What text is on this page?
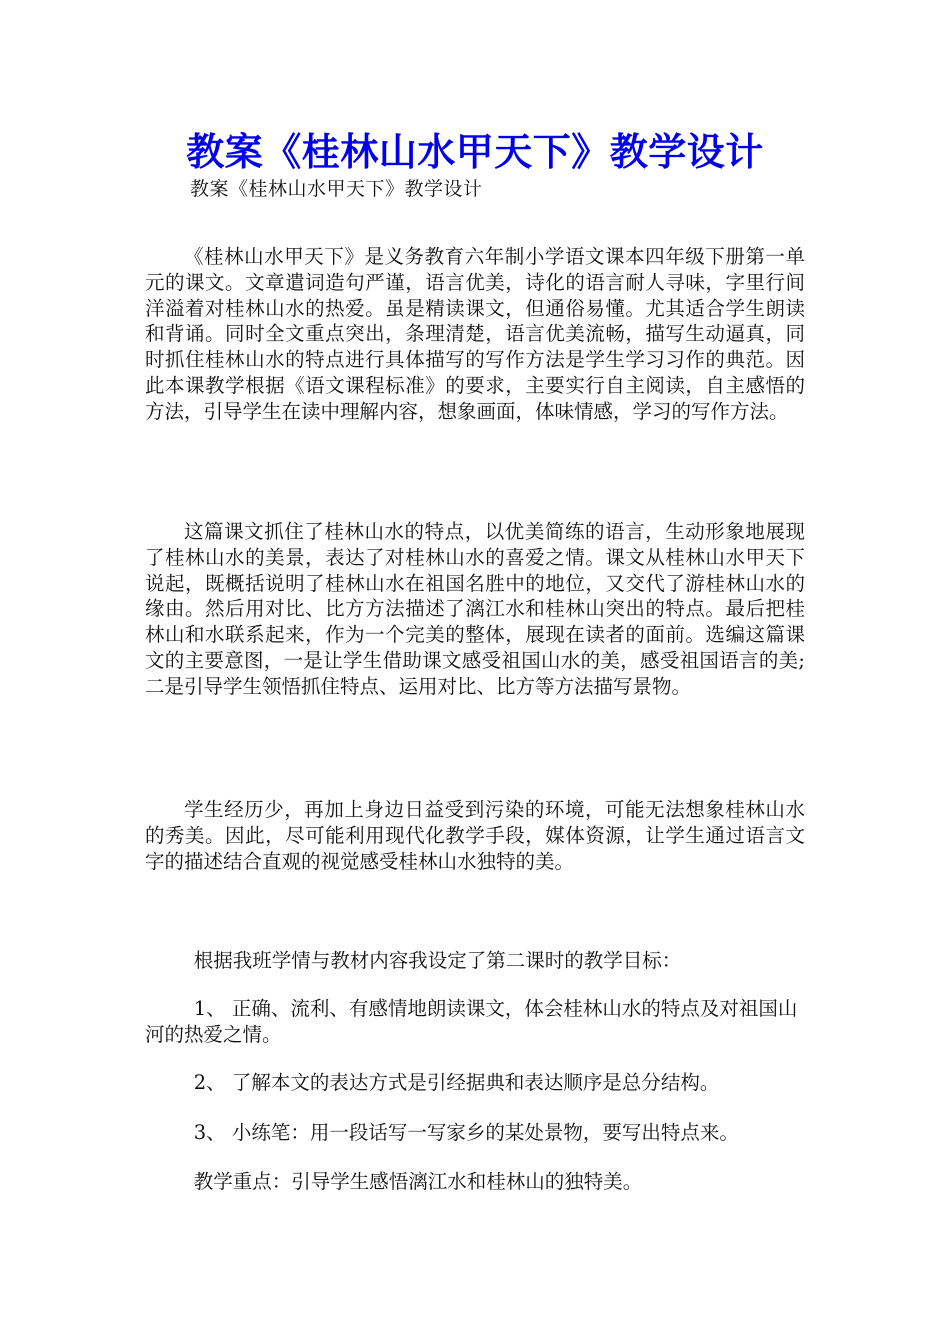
教案《桂林山水甲天下》教学设计

教案《桂林山水甲天下》教学设计

《桂林山水甲天下》是义务教育六年制小学语文课本四年级下册第一单元的课文。文章遣词造句严谨，语言优美，诗化的语言耐人寻味，字里行间洋溢着对桂林山水的热爱。虽是精读课文，但通俗易懂。尤其适合学生朗读和背诵。同时全文重点突出，条理清楚，语言优美流畅，描写生动逼真，同时抓住桂林山水的特点进行具体描写的写作方法是学生学习习作的典范。因此本课教学根据《语文课程标准》的要求，主要实行自主阅读，自主感悟的方法，引导学生在读中理解内容，想象画面，体味情感，学习的写作方法。

这篇课文抓住了桂林山水的特点，以优美简练的语言，生动形象地展现了桂林山水的美景，表达了对桂林山水的喜爱之情。课文从桂林山水甲天下说起，既概括说明了桂林山水在祖国名胜中的地位，又交代了游桂林山水的缘由。然后用对比、比方方法描述了漓江水和桂林山突出的特点。最后把桂林山和水联系起来，作为一个完美的整体，展现在读者的面前。选编这篇课文的主要意图，一是让学生借助课文感受祖国山水的美，感受祖国语言的美;二是引导学生领悟抓住特点、运用对比、比方等方法描写景物。

学生经历少，再加上身边日益受到污染的环境，可能无法想象桂林山水的秀美。因此，尽可能利用现代化教学手段，媒体资源，让学生通过语言文字的描述结合直观的视觉感受桂林山水独特的美。

根据我班学情与教材内容我设定了第二课时的教学目标：

1、 正确、流利、有感情地朗读课文，体会桂林山水的特点及对祖国山河的热爱之情。

2、 了解本文的表达方式是引经据典和表达顺序是总分结构。

3、 小练笔：用一段话写一写家乡的某处景物，要写出特点来。

教学重点：引导学生感悟漓江水和桂林山的独特美。
